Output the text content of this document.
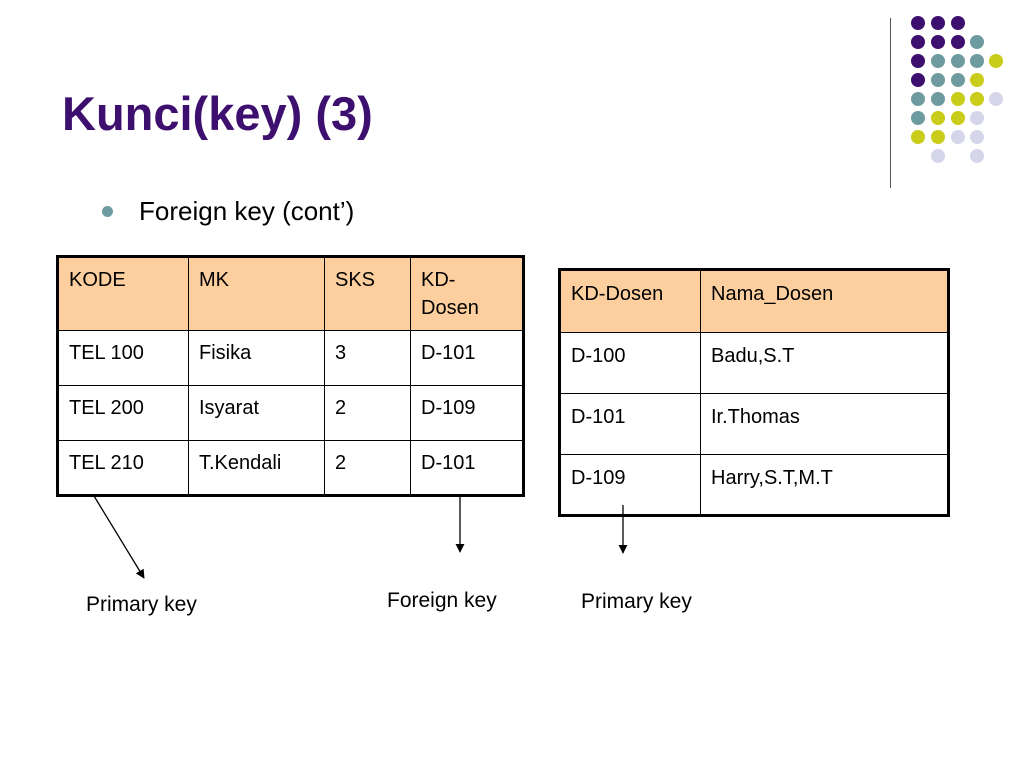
Kunci(key) (3)
Foreign key (cont’)
KODE	MK	SKS	KD-Dosen
TEL 100	Fisika	3	D-101
TEL 200	Isyarat	2	D-109
TEL 210	T.Kendali	2	D-101
KD-Dosen	Nama_Dosen
D-100	Badu,S.T
D-101	Ir.Thomas
D-109	Harry,S.T,M.T
Primary key	Foreign key	Primary key
